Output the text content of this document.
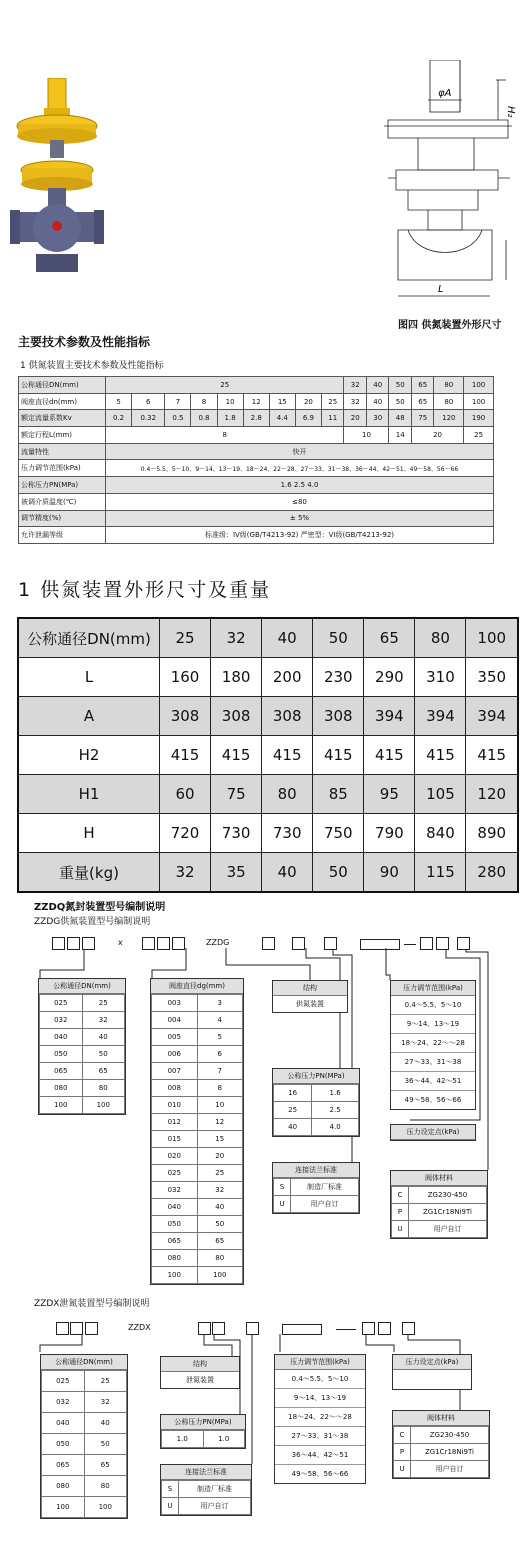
φA
H₂
L
图四 供氮装置外形尺寸
主要技术参数及性能指标
1 供氮装置主要技术参数及性能指标
公称通径DN(mm)	25									32	40	50	65	80	100
阀座直径dn(mm)	5	6	7	8	10	12	15	20	25	32	40	50	65	80	100
额定流量系数Kv	0.2	0.32	0.5	0.8	1.8	2.8	4.4	6.9	11	20	30	48	75	120	190
额定行程L(mm)	8									10		14	20		25
流量特性	快开														
压力调节范围(kPa)	0.4～5.5、5～10、9～14、13～19、18～24、22～28、27～33、31～38、36～44、42～51、49～58、56～66														
公称压力PN(MPa)	1.6 2.5 4.0														
被调介质温度(℃)	≤80														
调节精度(%)	± 5%														
允许泄漏等级	标准级：IV级(GB/T4213-92) 严密型：VI级(GB/T4213-92)														
1 供氮装置外形尺寸及重量
公称通径DN(mm)	25	32	40	50	65	80	100
L	160	180	200	230	290	310	350
A	308	308	308	308	394	394	394
H2	415	415	415	415	415	415	415
H1	60	75	80	85	95	105	120
H	720	730	730	750	790	840	890
重量(kg)	32	35	40	50	90	115	280
ZZDQ氮封装置型号编制说明
ZZDG供氮装置型号编制说明
x	ZZDG
公称通径DN(mm)
025	25
032	32
040	40
050	50
065	65
080	80
100	100
阀座直径dg(mm)
003	3
004	4
005	5
006	6
007	7
008	8
010	10
012	12
015	15
020	20
025	25
032	32
040	40
050	50
065	65
080	80
100	100
结构
供氮装置
公称压力PN(MPa)
16	1.6
25	2.5
40	4.0
连接法兰标准
S	制造厂标准
U	用户自订
压力调节范围(kPa)
0.4～5.5、5～10
9～14、13～19
18～24、22～～28
27～33、31～38
36～44、42～51
49～58、56～66
压力设定点(kPa)
阀体材料
C	ZG230-450
P	ZG1Cr18Ni9Ti
U	用户自订
ZZDX泄氮装置型号编制说明
ZZDX
公称通径DN(mm)
025	25
032	32
040	40
050	50
065	65
080	80
100	100
结构
泄氮装置
公称压力PN(MPa)
1.0	1.0
连接法兰标准
S	制造厂标准
U	用户自订
压力调节范围(kPa)
0.4～5.5、5～10
9～14、13～19
18～24、22～～28
27～33、31～38
36～44、42～51
49～58、56～66
压力设定点(kPa)
阀体材料
C	ZG230-450
P	ZG1Cr18Ni9Ti
U	用户自订
